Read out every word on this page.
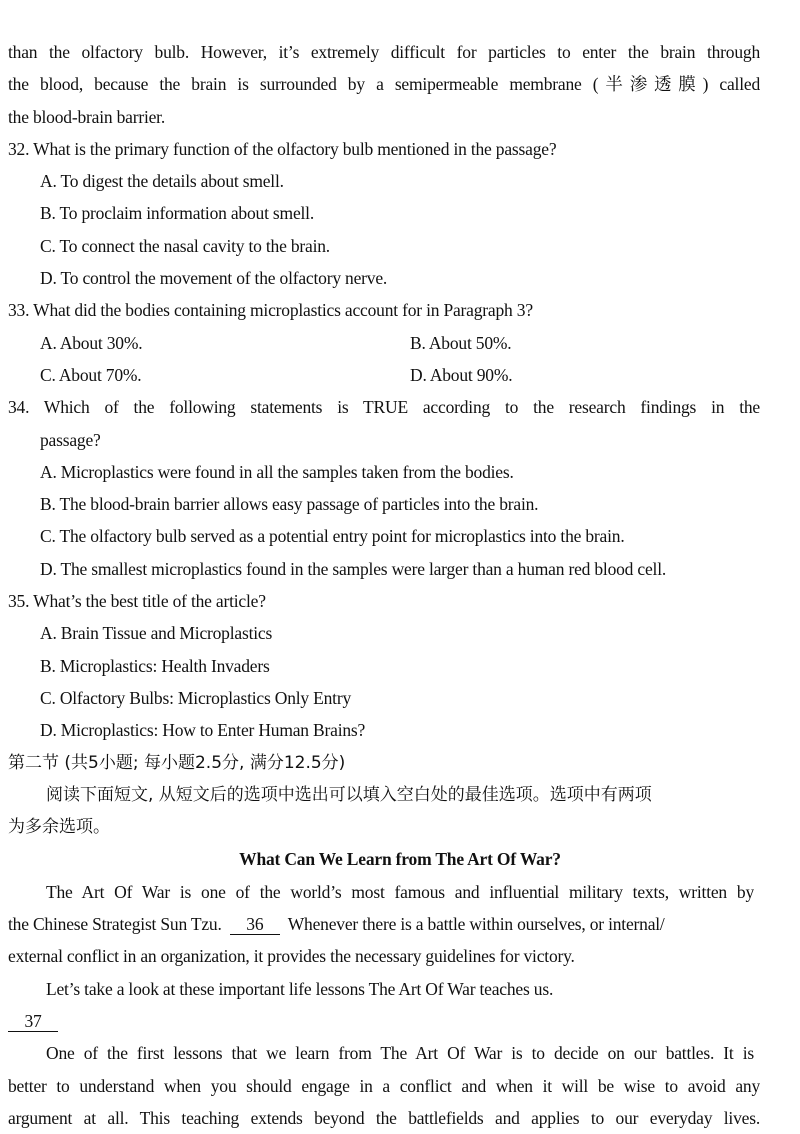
than the olfactory bulb. However, it’s extremely difficult for particles to enter the brain through
the blood, because the brain is surrounded by a semipermeable membrane (半渗透膜) called
the blood-brain barrier.
32. What is the primary function of the olfactory bulb mentioned in the passage?
A. To digest the details about smell.
B. To proclaim information about smell.
C. To connect the nasal cavity to the brain.
D. To control the movement of the olfactory nerve.
33. What did the bodies containing microplastics account for in Paragraph 3?
A. About 30%.	B. About 50%.
C. About 70%.	D. About 90%.
34. Which of the following statements is TRUE according to the research findings in the
passage?
A. Microplastics were found in all the samples taken from the bodies.
B. The blood-brain barrier allows easy passage of particles into the brain.
C. The olfactory bulb served as a potential entry point for microplastics into the brain.
D. The smallest microplastics found in the samples were larger than a human red blood cell.
35. What’s the best title of the article?
A. Brain Tissue and Microplastics
B. Microplastics: Health Invaders
C. Olfactory Bulbs: Microplastics Only Entry
D. Microplastics: How to Enter Human Brains?
第二节 (共5小题; 每小题2.5分, 满分12.5分)
阅读下面短文, 从短文后的选项中选出可以填入空白处的最佳选项。选项中有两项
为多余选项。
What Can We Learn from The Art Of War?
The Art Of War is one of the world’s most famous and influential military texts, written by
the Chinese Strategist Sun Tzu. 36 Whenever there is a battle within ourselves, or internal/
external conflict in an organization, it provides the necessary guidelines for victory.
Let’s take a look at these important life lessons The Art Of War teaches us.
37
One of the first lessons that we learn from The Art Of War is to decide on our battles. It is
better to understand when you should engage in a conflict and when it will be wise to avoid any
argument at all. This teaching extends beyond the battlefields and applies to our everyday lives.
